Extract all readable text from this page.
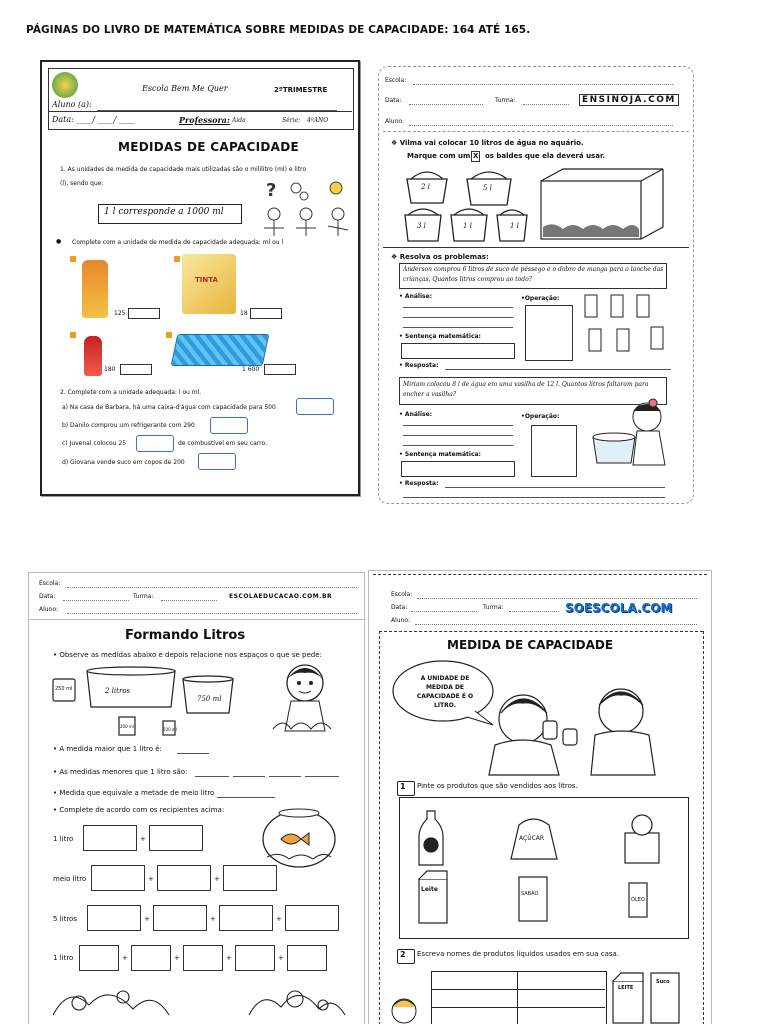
PÁGINAS DO LIVRO DE MATEMÁTICA SOBRE MEDIDAS DE CAPACIDADE: 164 ATÉ 165.
Escola Bem Me Quer	2ºTRIMESTRE
Aluno (a):
Data: ____/ ____/ ____	Professora: Aida	Série: 4ºANO
MEDIDAS DE CAPACIDADE
1. As unidades de medida de capacidade mais utilizadas são o mililitro (ml) e litro
(l), sendo que:
1 l corresponde a 1000 ml
?
● Complete com a unidade de medida de capacidade adequada: ml ou l
125
TINTA
18
180	1 600
2. Complete com a unidade adequada: l ou ml.
a) Na casa de Barbara, há uma caixa-d'água com capacidade para 500
b) Danilo comprou um refrigerante com 290
c) Juvenal colocou 25	de combustível em seu carro.
d) Giovana vende suco em copos de 200
Escola:
Data:	Turma:	ENSINOJA.COM
Aluno:
❖ Vilma vai colocar 10 litros de água no aquário.
Marque com um X os baldes que ela deverá usar.
2 l	5 l
3 l	1 l	1 l
❖ Resolva os problemas:
Anderson comprou 6 litros de suco de pêssego e o dobro de manga para o lanche das crianças. Quantos litros comprou ao todo?
• Análise:	•Operação:
• Sentença matemática:
• Resposta:
Miriam colocou 8 l de água em uma vasilha de 12 l. Quantos litros faltaram para encher a vasilha?
• Análise:	•Operação:
• Sentença matemática:
• Resposta:
Escola:
Data:	Turma:	ESCOLAEDUCACAO.COM.BR
Aluno:
Formando Litros
• Observe as medidas abaixo e depois relacione nos espaços o que se pede:
250 ml	2 litros
750 ml
200 ml
500 ml
• A medida maior que 1 litro é:
• As medidas menores que 1 litro são:
• Medida que equivale a metade de meio litro
• Complete de acordo com os recipientes acima:
1 litro	+
meio litro	+	+
5 litros	+	+	+
1 litro	+	+	+	+
Escola:
Data:	Turma:	SOESCOLA.COM
Aluno:
MEDIDA DE CAPACIDADE
A UNIDADE DE MEDIDA DE CAPACIDADE É O LITRO.
1 Pinte os produtos que são vendidos aos litros.
AÇÚCAR
Leite
SABÃO
ÓLEO
2 Escreva nomes de produtos líquidos usados em sua casa.
LEITE
Suco
